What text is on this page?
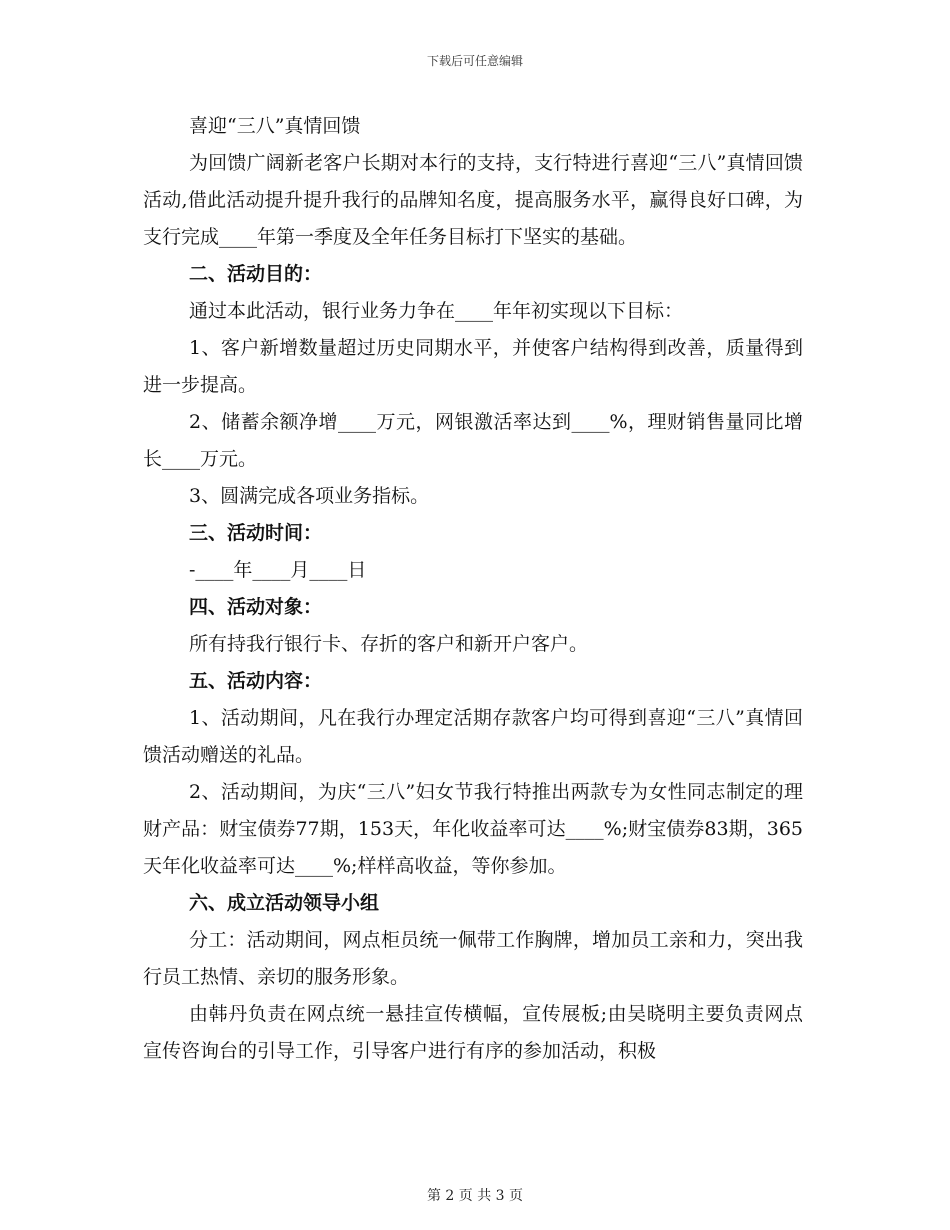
下载后可任意编辑

喜迎“三八”真情回馈

为回馈广阔新老客户长期对本行的支持，支行特进行喜迎“三八”真情回馈活动,借此活动提升提升我行的品牌知名度，提高服务水平，赢得良好口碑，为支行完成____年第一季度及全年任务目标打下坚实的基础。

二、活动目的：

通过本此活动，银行业务力争在____年年初实现以下目标：

1、客户新增数量超过历史同期水平，并使客户结构得到改善，质量得到进一步提高。

2、储蓄余额净增____万元，网银激活率达到____%，理财销售量同比增长____万元。

3、圆满完成各项业务指标。

三、活动时间：

-____年____月____日

四、活动对象：

所有持我行银行卡、存折的客户和新开户客户。

五、活动内容：

1、活动期间，凡在我行办理定活期存款客户均可得到喜迎“三八”真情回馈活动赠送的礼品。

2、活动期间，为庆“三八”妇女节我行特推出两款专为女性同志制定的理财产品：财宝债券77期，153天，年化收益率可达____%;财宝债券83期，365天年化收益率可达____%;样样高收益，等你参加。

六、成立活动领导小组

分工：活动期间，网点柜员统一佩带工作胸牌，增加员工亲和力，突出我行员工热情、亲切的服务形象。

由韩丹负责在网点统一悬挂宣传横幅，宣传展板;由吴晓明主要负责网点宣传咨询台的引导工作，引导客户进行有序的参加活动，积极

第 2 页 共 3 页
